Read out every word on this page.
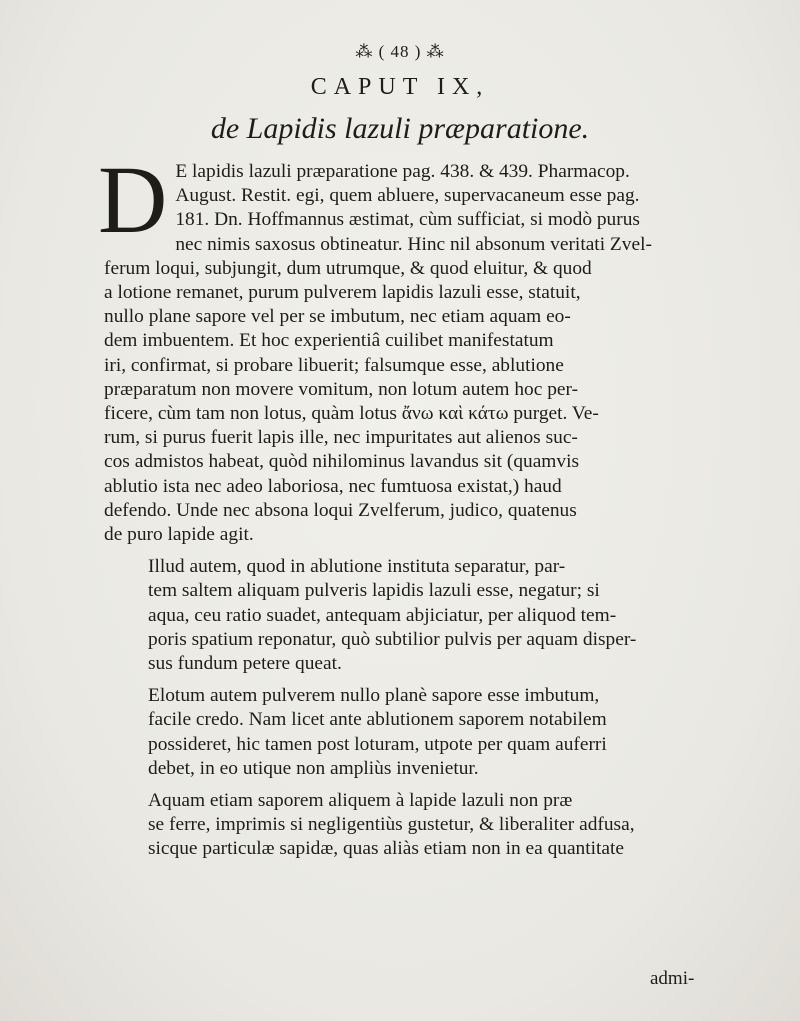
⁂ ( 48 ) ⁂
CAPUT IX,
de Lapidis lazuli præparatione.

D E lapidis lazuli præparatione pag. 438. & 439. Pharmacop.
August. Restit. egi, quem abluere, supervacaneum esse pag.
181. Dn. Hoffmannus æstimat, cùm sufficiat, si modò purus
nec nimis saxosus obtineatur. Hinc nil absonum veritati Zvel-
ferum loqui, subjungit, dum utrumque, & quod eluitur, & quod
a lotione remanet, purum pulverem lapidis lazuli esse, statuit,
nullo plane sapore vel per se imbutum, nec etiam aquam eo-
dem imbuentem. Et hoc experientiâ cuilibet manifestatum
iri, confirmat, si probare libuerit; falsumque esse, ablutione
præparatum non movere vomitum, non lotum autem hoc per-
ficere, cùm tam non lotus, quàm lotus ἄνω καὶ κάτω purget. Ve-
rum, si purus fuerit lapis ille, nec impuritates aut alienos suc-
cos admistos habeat, quòd nihilominus lavandus sit (quamvis
ablutio ista nec adeo laboriosa, nec fumtuosa existat,) haud
defendo. Unde nec absona loqui Zvelferum, judico, quatenus
de puro lapide agit.

Illud autem, quod in ablutione instituta separatur, par-
tem saltem aliquam pulveris lapidis lazuli esse, negatur; si
aqua, ceu ratio suadet, antequam abjiciatur, per aliquod tem-
poris spatium reponatur, quò subtilior pulvis per aquam disper-
sus fundum petere queat.

Elotum autem pulverem nullo planè sapore esse imbutum,
facile credo. Nam licet ante ablutionem saporem notabilem
possideret, hic tamen post loturam, utpote per quam auferri
debet, in eo utique non ampliùs invenietur.

Aquam etiam saporem aliquem à lapide lazuli non præ
se ferre, imprimis si negligentiùs gustetur, & liberaliter adfusa,
sicque particulæ sapidæ, quas aliàs etiam non in ea quantitate

admi-
